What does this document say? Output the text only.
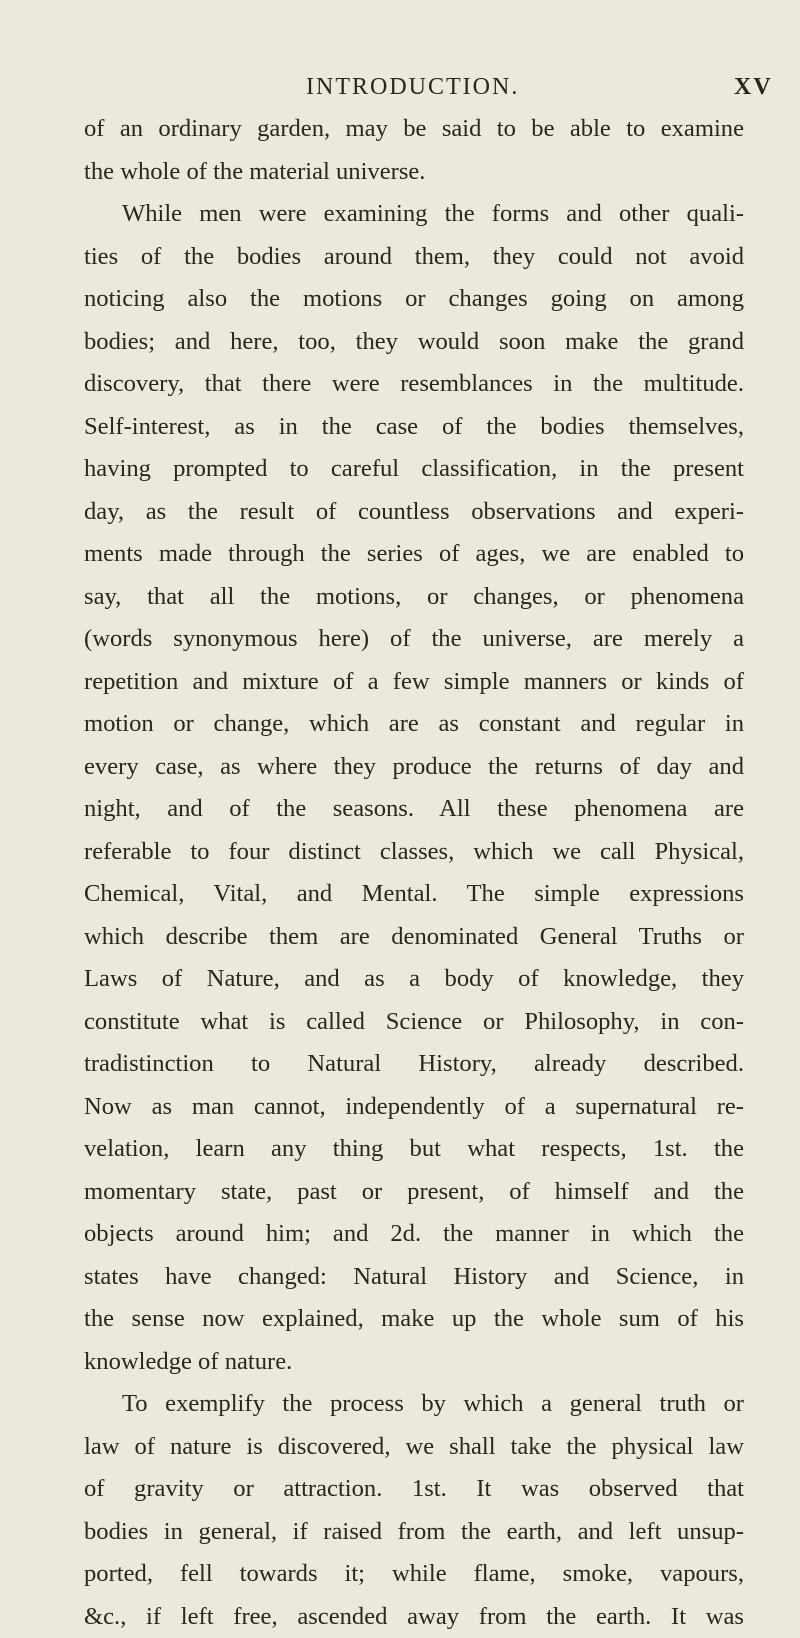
INTRODUCTION.	XV
of an ordinary garden, may be said to be able to examine
the whole of the material universe.
While men were examining the forms and other quali-
ties of the bodies around them, they could not avoid
noticing also the motions or changes going on among
bodies; and here, too, they would soon make the grand
discovery, that there were resemblances in the multitude.
Self-interest, as in the case of the bodies themselves,
having prompted to careful classification, in the present
day, as the result of countless observations and experi-
ments made through the series of ages, we are enabled to
say, that all the motions, or changes, or phenomena
(words synonymous here) of the universe, are merely a
repetition and mixture of a few simple manners or kinds of
motion or change, which are as constant and regular in
every case, as where they produce the returns of day and
night, and of the seasons. All these phenomena are
referable to four distinct classes, which we call Physical,
Chemical, Vital, and Mental. The simple expressions
which describe them are denominated General Truths or
Laws of Nature, and as a body of knowledge, they
constitute what is called Science or Philosophy, in con-
tradistinction to Natural History, already described.
Now as man cannot, independently of a supernatural re-
velation, learn any thing but what respects, 1st. the
momentary state, past or present, of himself and the
objects around him; and 2d. the manner in which the
states have changed: Natural History and Science, in
the sense now explained, make up the whole sum of his
knowledge of nature.
To exemplify the process by which a general truth or
law of nature is discovered, we shall take the physical law
of gravity or attraction. 1st. It was observed that
bodies in general, if raised from the earth, and left unsup-
ported, fell towards it; while flame, smoke, vapours,
&c., if left free, ascended away from the earth. It was
